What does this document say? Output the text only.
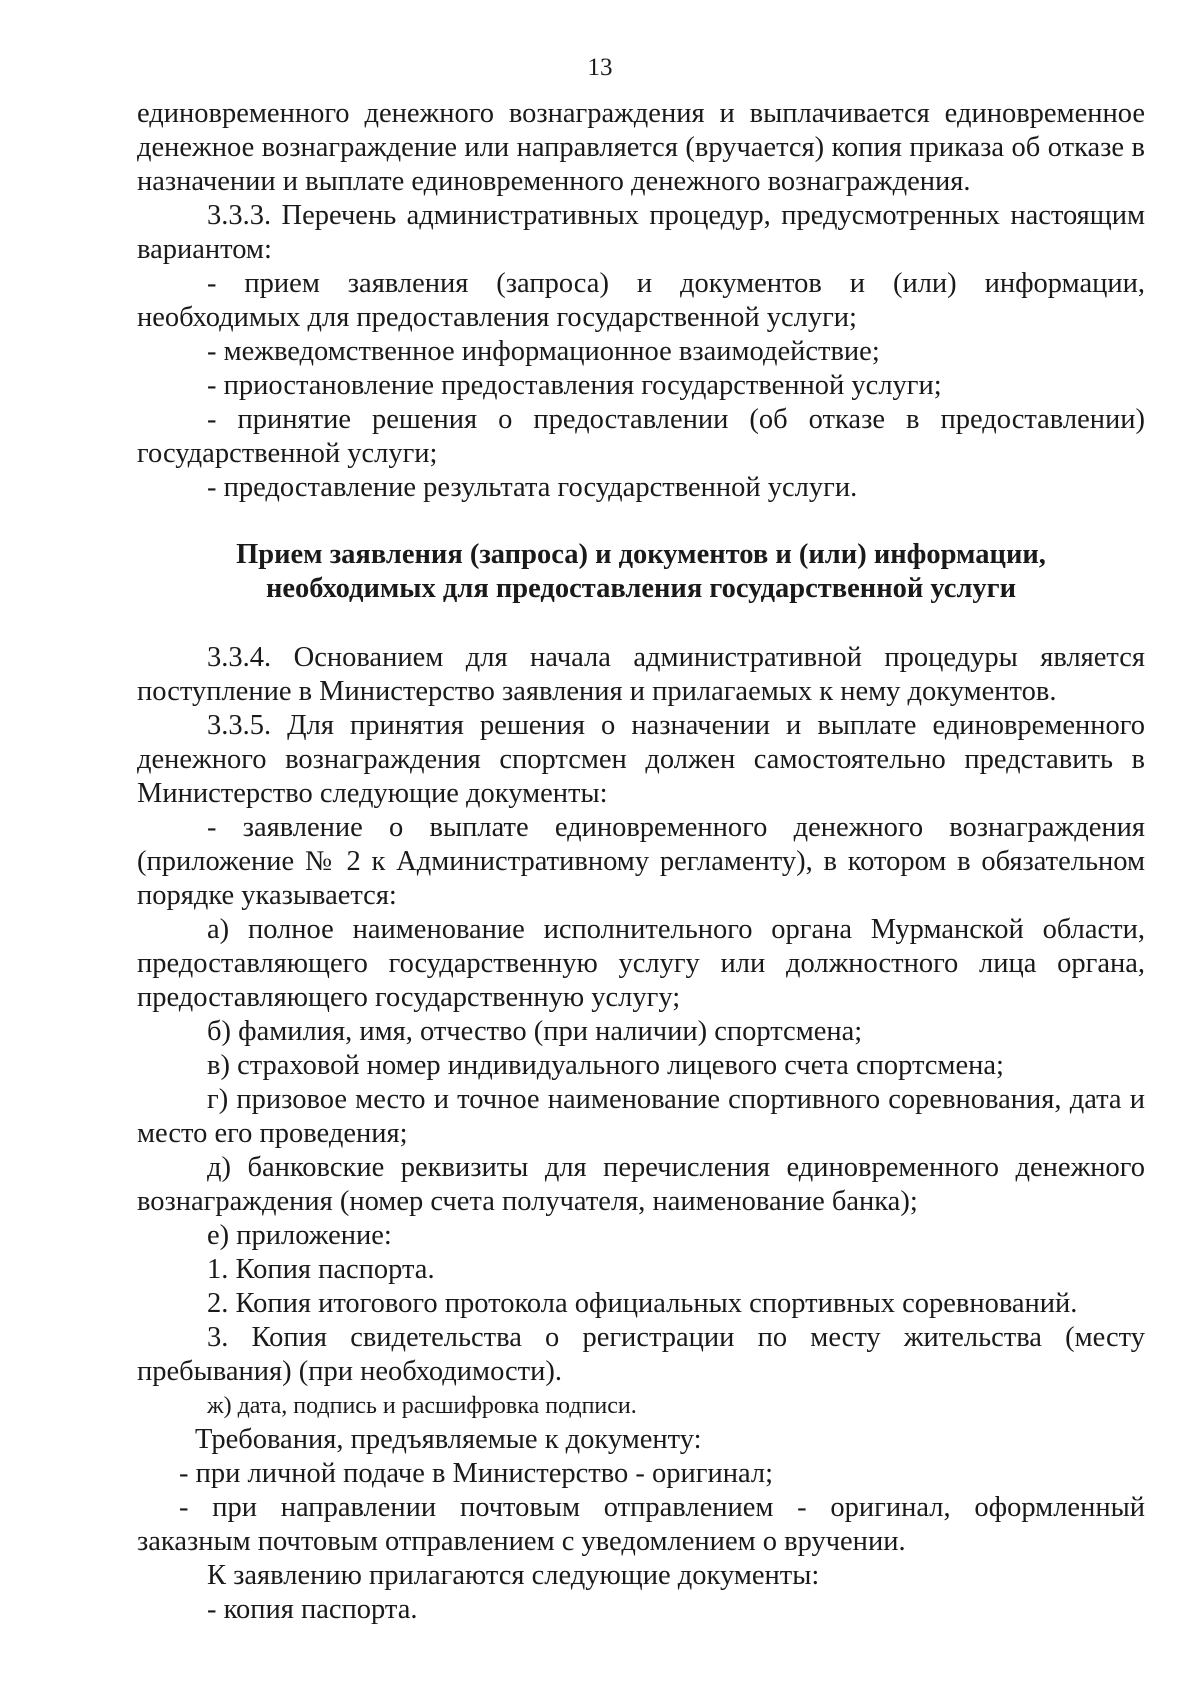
13

единовременного денежного вознаграждения и выплачивается единовременное денежное вознаграждение или направляется (вручается) копия приказа об отказе в назначении и выплате единовременного денежного вознаграждения.

3.3.3. Перечень административных процедур, предусмотренных настоящим вариантом:

- прием заявления (запроса) и документов и (или) информации, необходимых для предоставления государственной услуги;

- межведомственное информационное взаимодействие;

- приостановление предоставления государственной услуги;

- принятие решения о предоставлении (об отказе в предоставлении) государственной услуги;

- предоставление результата государственной услуги.

Прием заявления (запроса) и документов и (или) информации,
необходимых для предоставления государственной услуги

3.3.4. Основанием для начала административной процедуры является поступление в Министерство заявления и прилагаемых к нему документов.

3.3.5. Для принятия решения о назначении и выплате единовременного денежного вознаграждения спортсмен должен самостоятельно представить в Министерство следующие документы:

- заявление о выплате единовременного денежного вознаграждения (приложение № 2 к Административному регламенту), в котором в обязательном порядке указывается:

а) полное наименование исполнительного органа Мурманской области, предоставляющего государственную услугу или должностного лица органа, предоставляющего государственную услугу;

б) фамилия, имя, отчество (при наличии) спортсмена;

в) страховой номер индивидуального лицевого счета спортсмена;

г) призовое место и точное наименование спортивного соревнования, дата и место его проведения;

д) банковские реквизиты для перечисления единовременного денежного вознаграждения (номер счета получателя, наименование банка);

е) приложение:

1. Копия паспорта.

2. Копия итогового протокола официальных спортивных соревнований.

3. Копия свидетельства о регистрации по месту жительства (месту пребывания) (при необходимости).

ж) дата, подпись и расшифровка подписи.

Требования, предъявляемые к документу:

- при личной подаче в Министерство - оригинал;

- при направлении почтовым отправлением - оригинал, оформленный заказным почтовым отправлением с уведомлением о вручении.

К заявлению прилагаются следующие документы:

- копия паспорта.
